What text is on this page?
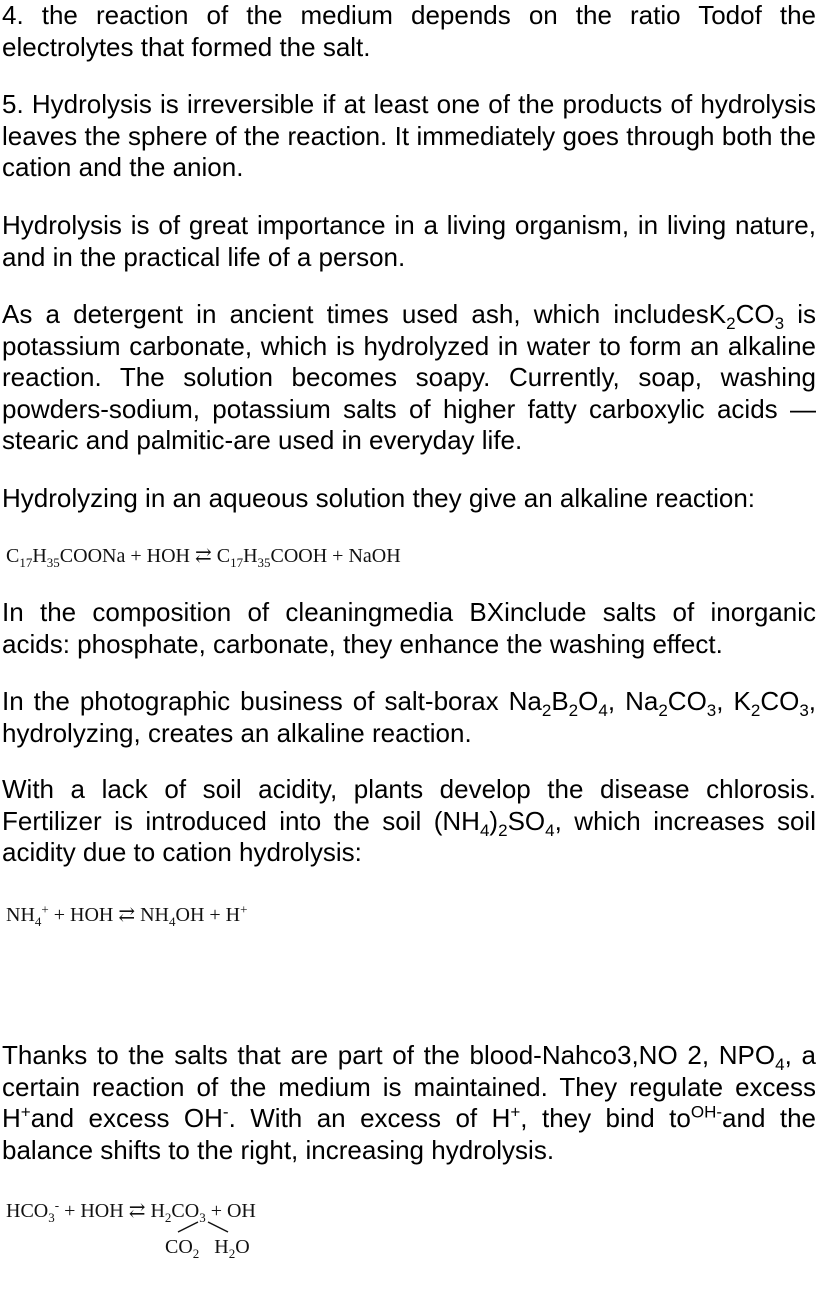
4. the reaction of the medium depends on the ratio Todof the electrolytes that formed the salt.

5. Hydrolysis is irreversible if at least one of the products of hydrolysis leaves the sphere of the reaction. It immediately goes through both the cation and the anion.

Hydrolysis is of great importance in a living organism, in living nature, and in the practical life of a person.

As a detergent in ancient times used ash, which $includesK_2CO_3$ is potassium carbonate, which is hydrolyzed in water to form an alkaline reaction. The solution becomes soapy. Currently, soap, washing powders-sodium, potassium salts of higher fatty carboxylic acids — stearic and palmitic-are used in everyday life.

Hydrolyzing in an aqueous solution they give an alkaline reaction:

$C_{17}H_{35}COONa$ + HOH ⇄ $C_{17}H_{35}COOH$ + NaOH

In the composition of cleaningmedia BXinclude salts of inorganic acids: phosphate, carbonate, they enhance the washing effect.

In the photographic business of salt-borax $Na_2B_2O_4$, $Na_2CO_3$, $K_2CO_3$, hydrolyzing, creates an alkaline reaction.

With a lack of soil acidity, plants develop the disease chlorosis. Fertilizer is introduced into the soil $(NH_4)_2SO_4$, which increases soil acidity due to cation hydrolysis:

$NH_4^+$ + HOH ⇄ $NH_4OH + H^+$

Thanks to the salts that are part of the blood-Nahco3,NO 2, $NPO_4$, a certain reaction of the medium is maintained. They regulate excess H+and excess OH-. With an excess of H+, they bind $to^{OH-}and$ the balance shifts to the right, increasing hydrolysis.

$HCO_3^-$ + HOH ⇄ $H_2CO_3$ + OH
$CO_2$   $H_2O$
